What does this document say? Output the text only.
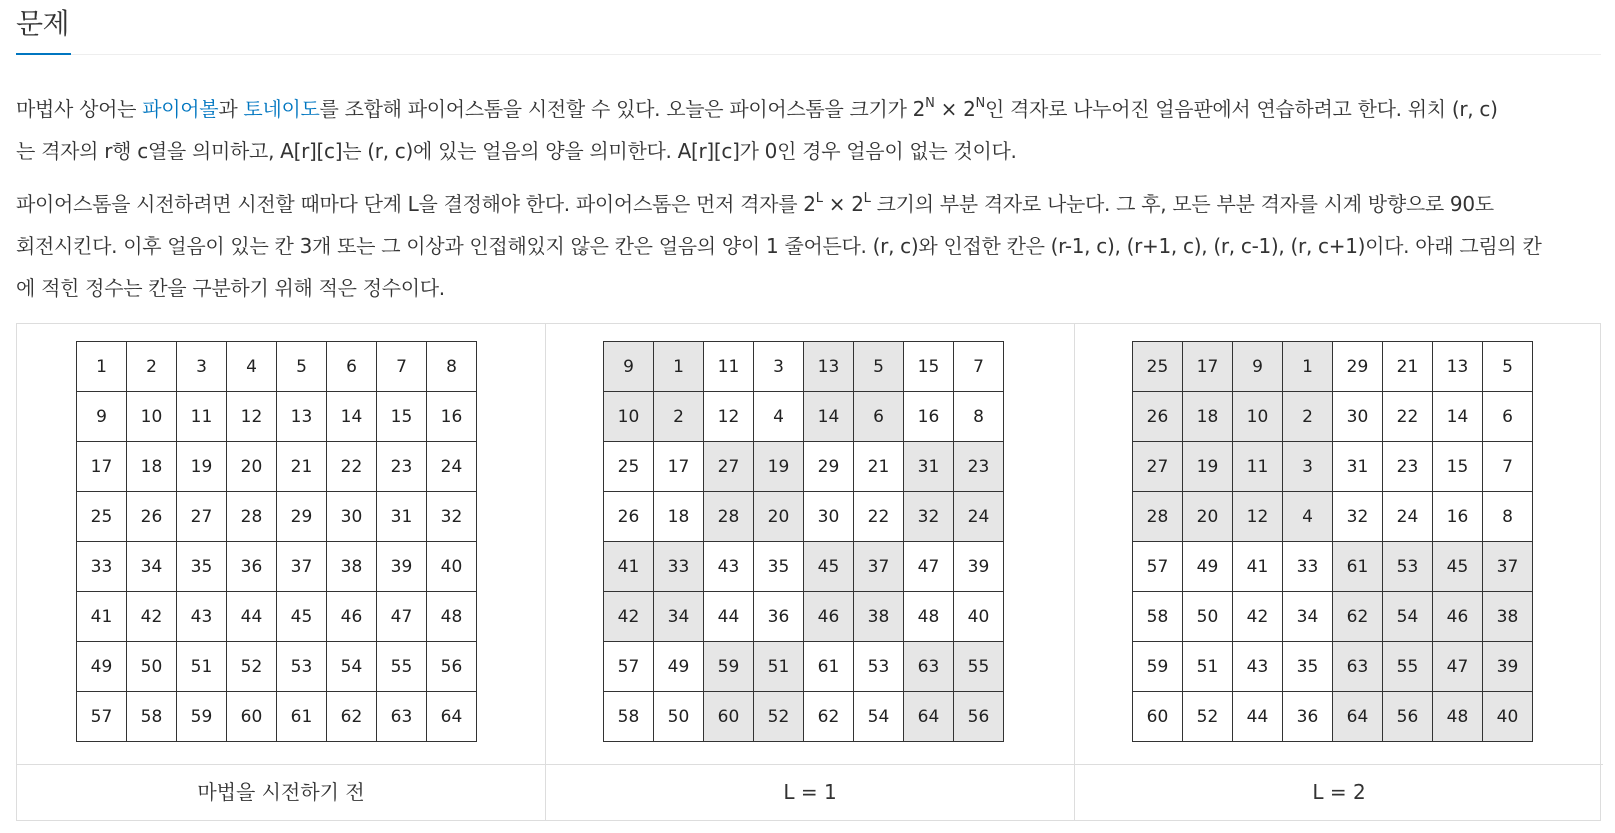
문제
마법사 상어는 파이어볼과 토네이도를 조합해 파이어스톰을 시전할 수 있다. 오늘은 파이어스톰을 크기가 $2^N \times 2^N$인 격자로 나누어진 얼음판에서 연습하려고 한다. 위치 (r, c)
는 격자의 r행 c열을 의미하고, A[r][c]는 (r, c)에 있는 얼음의 양을 의미한다. A[r][c]가 0인 경우 얼음이 없는 것이다.
파이어스톰을 시전하려면 시전할 때마다 단계 L을 결정해야 한다. 파이어스톰은 먼저 격자를 $2^L \times 2^L$ 크기의 부분 격자로 나눈다. 그 후, 모든 부분 격자를 시계 방향으로 90도
회전시킨다. 이후 얼음이 있는 칸 3개 또는 그 이상과 인접해있지 않은 칸은 얼음의 양이 1 줄어든다. (r, c)와 인접한 칸은 (r-1, c), (r+1, c), (r, c-1), (r, c+1)이다. 아래 그림의 칸
에 적힌 정수는 칸을 구분하기 위해 적은 정수이다.
1	2	3	4	5	6	7	8
9	10	11	12	13	14	15	16
17	18	19	20	21	22	23	24
25	26	27	28	29	30	31	32
33	34	35	36	37	38	39	40
41	42	43	44	45	46	47	48
49	50	51	52	53	54	55	56
57	58	59	60	61	62	63	64
마법을 시전하기 전
9	1	11	3	13	5	15	7
10	2	12	4	14	6	16	8
25	17	27	19	29	21	31	23
26	18	28	20	30	22	32	24
41	33	43	35	45	37	47	39
42	34	44	36	46	38	48	40
57	49	59	51	61	53	63	55
58	50	60	52	62	54	64	56
L = 1
25	17	9	1	29	21	13	5
26	18	10	2	30	22	14	6
27	19	11	3	31	23	15	7
28	20	12	4	32	24	16	8
57	49	41	33	61	53	45	37
58	50	42	34	62	54	46	38
59	51	43	35	63	55	47	39
60	52	44	36	64	56	48	40
L = 2
